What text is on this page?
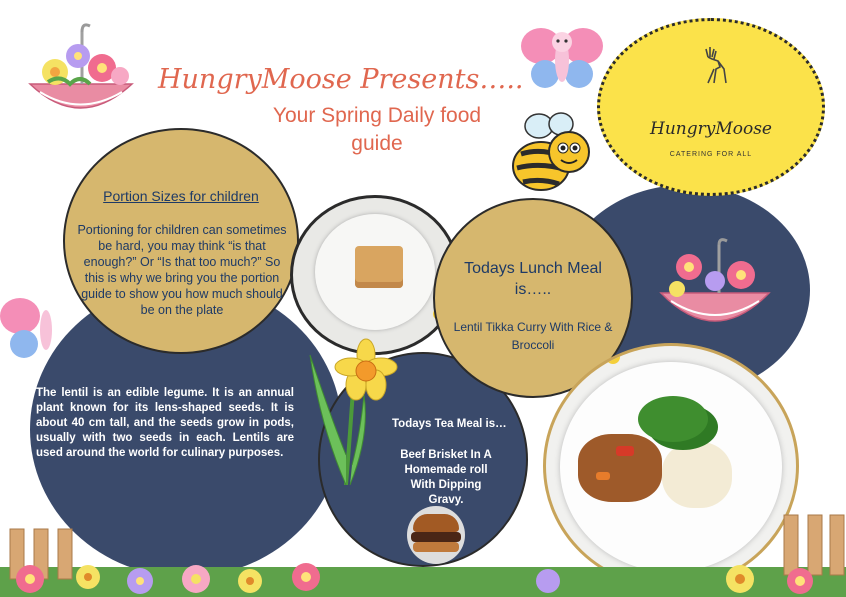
HungryMoose
CATERING FOR ALL
HungryMoose Presents…..
Your Spring Daily food guide
Portion Sizes for children
Portioning for children can sometimes be hard, you may think “is that enough?” Or “Is that too much?” So this is why we bring you the portion guide to show you how much should be on the plate
Todays Lunch Meal is…..
Lentil Tikka Curry With Rice & Broccoli
The lentil is an edible legume. It is an annual plant known for its lens-shaped seeds. It is about 40 cm tall, and the seeds grow in pods, usually with two seeds in each. Lentils are used around the world for culinary purposes.
Todays Tea Meal is…
Beef Brisket In A Homemade roll With Dipping Gravy.
